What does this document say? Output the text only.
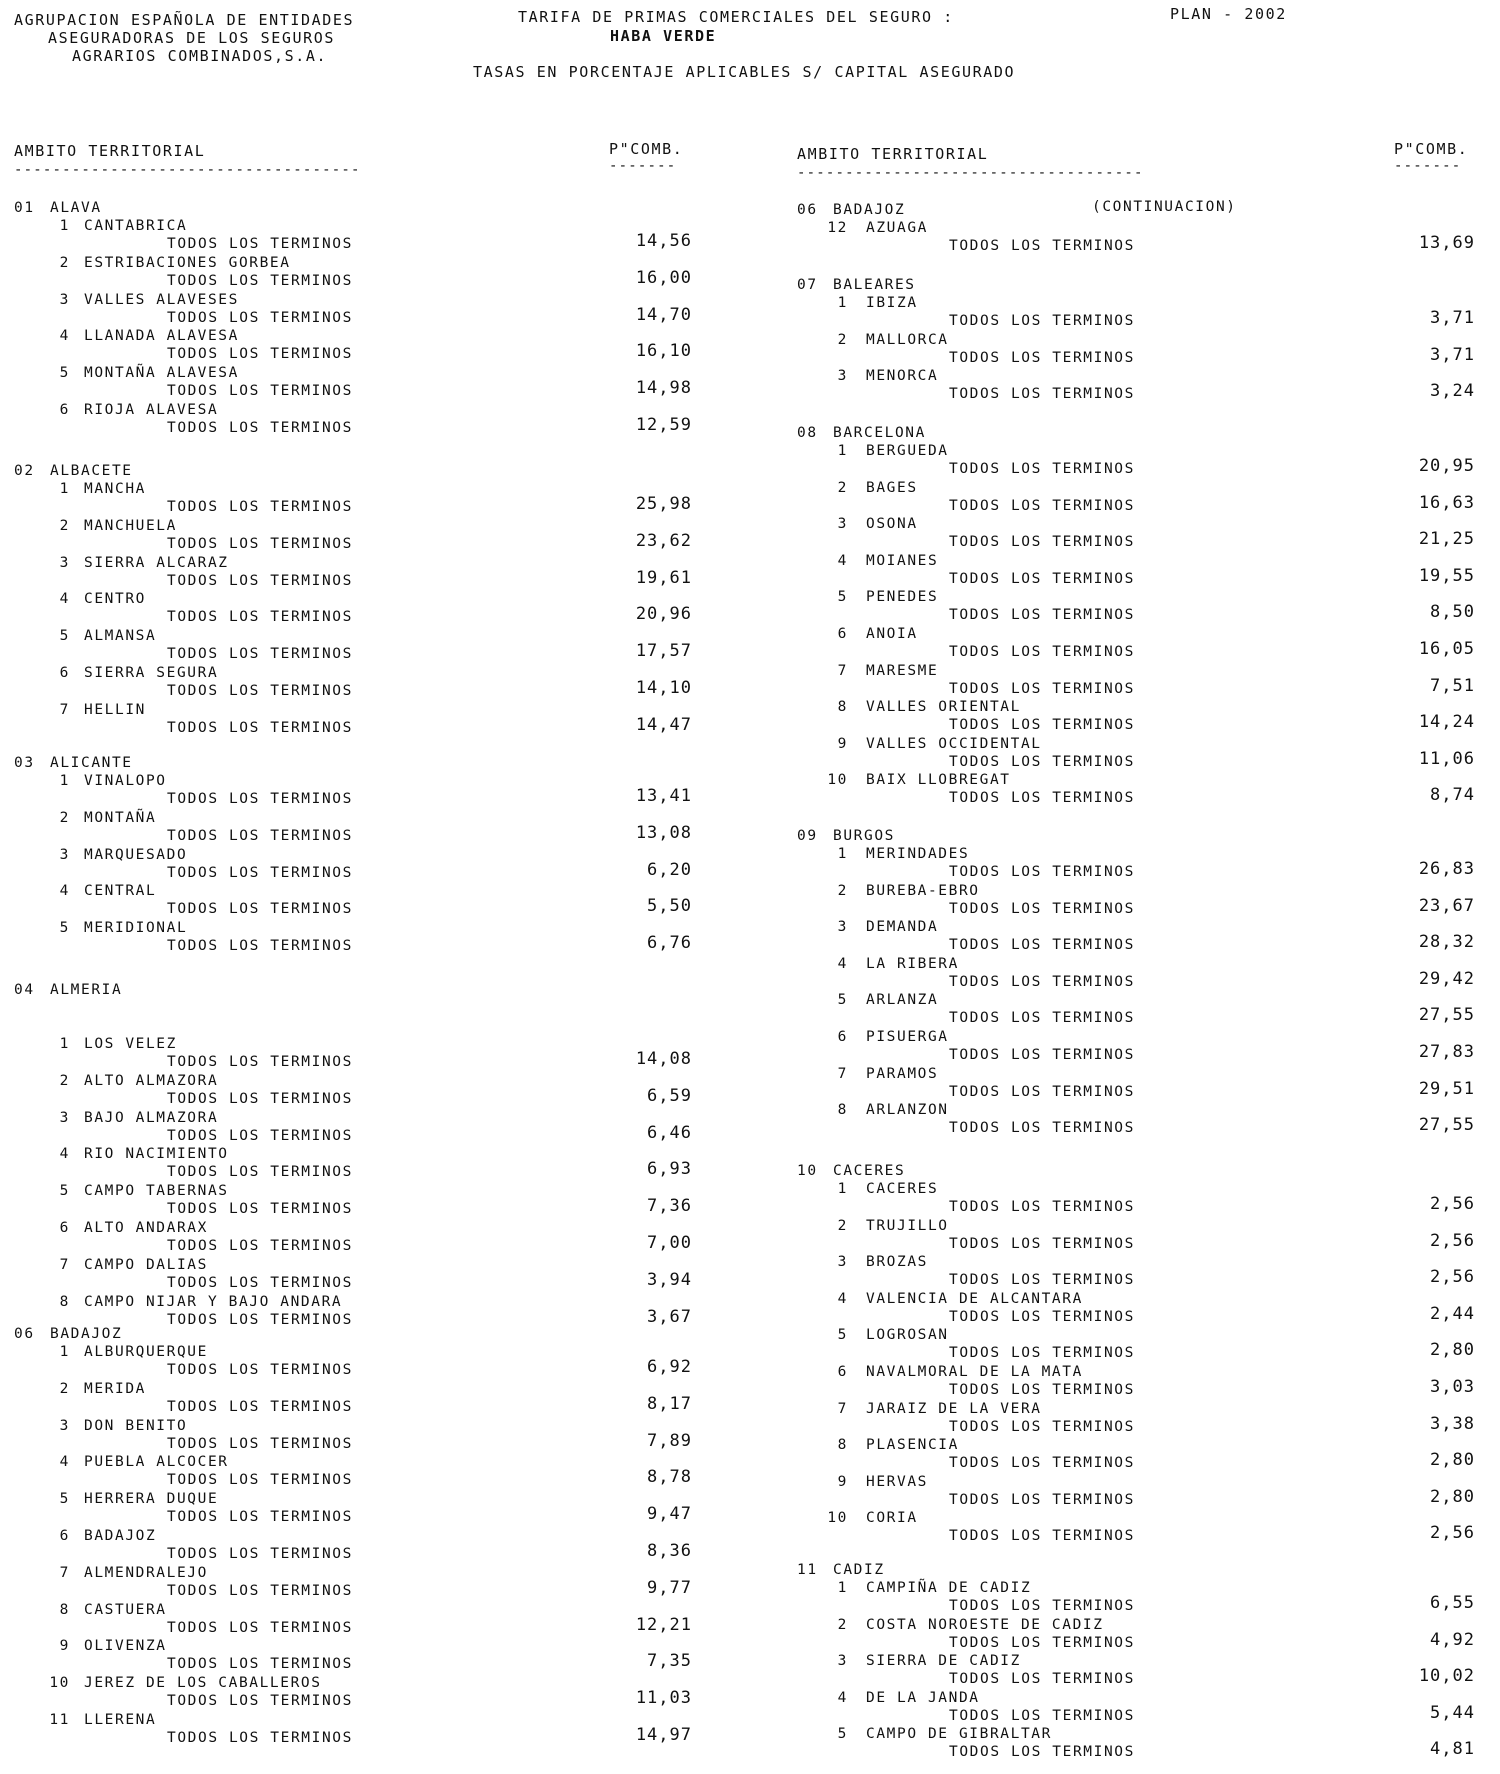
AGRUPACION ESPAÑOLA DE ENTIDADES
ASEGURADORAS DE LOS SEGUROS
AGRARIOS COMBINADOS,S.A.
TARIFA DE PRIMAS COMERCIALES DEL SEGURO :
HABA VERDE
TASAS EN PORCENTAJE APLICABLES S/ CAPITAL ASEGURADO
PLAN - 2002
AMBITO TERRITORIAL
------------------------------------
P"COMB.
-------
AMBITO TERRITORIAL
------------------------------------
P"COMB.
-------
(CONTINUACION)
01 ALAVA
1 CANTABRICA
TODOS LOS TERMINOS	14,56
2 ESTRIBACIONES GORBEA
TODOS LOS TERMINOS	16,00
3 VALLES ALAVESES
TODOS LOS TERMINOS	14,70
4 LLANADA ALAVESA
TODOS LOS TERMINOS	16,10
5 MONTAÑA ALAVESA
TODOS LOS TERMINOS	14,98
6 RIOJA ALAVESA
TODOS LOS TERMINOS	12,59
02 ALBACETE
1 MANCHA
TODOS LOS TERMINOS	25,98
2 MANCHUELA
TODOS LOS TERMINOS	23,62
3 SIERRA ALCARAZ
TODOS LOS TERMINOS	19,61
4 CENTRO
TODOS LOS TERMINOS	20,96
5 ALMANSA
TODOS LOS TERMINOS	17,57
6 SIERRA SEGURA
TODOS LOS TERMINOS	14,10
7 HELLIN
TODOS LOS TERMINOS	14,47
03 ALICANTE
1 VINALOPO
TODOS LOS TERMINOS	13,41
2 MONTAÑA
TODOS LOS TERMINOS	13,08
3 MARQUESADO
TODOS LOS TERMINOS	6,20
4 CENTRAL
TODOS LOS TERMINOS	5,50
5 MERIDIONAL
TODOS LOS TERMINOS	6,76
04 ALMERIA
1 LOS VELEZ
TODOS LOS TERMINOS	14,08
2 ALTO ALMAZORA
TODOS LOS TERMINOS	6,59
3 BAJO ALMAZORA
TODOS LOS TERMINOS	6,46
4 RIO NACIMIENTO
TODOS LOS TERMINOS	6,93
5 CAMPO TABERNAS
TODOS LOS TERMINOS	7,36
6 ALTO ANDARAX
TODOS LOS TERMINOS	7,00
7 CAMPO DALIAS
TODOS LOS TERMINOS	3,94
8 CAMPO NIJAR Y BAJO ANDARA
TODOS LOS TERMINOS	3,67
06 BADAJOZ
1 ALBURQUERQUE
TODOS LOS TERMINOS	6,92
2 MERIDA
TODOS LOS TERMINOS	8,17
3 DON BENITO
TODOS LOS TERMINOS	7,89
4 PUEBLA ALCOCER
TODOS LOS TERMINOS	8,78
5 HERRERA DUQUE
TODOS LOS TERMINOS	9,47
6 BADAJOZ
TODOS LOS TERMINOS	8,36
7 ALMENDRALEJO
TODOS LOS TERMINOS	9,77
8 CASTUERA
TODOS LOS TERMINOS	12,21
9 OLIVENZA
TODOS LOS TERMINOS	7,35
10 JEREZ DE LOS CABALLEROS
TODOS LOS TERMINOS	11,03
11 LLERENA
TODOS LOS TERMINOS	14,97
06 BADAJOZ
12 AZUAGA
TODOS LOS TERMINOS	13,69
07 BALEARES
1 IBIZA
TODOS LOS TERMINOS	3,71
2 MALLORCA
TODOS LOS TERMINOS	3,71
3 MENORCA
TODOS LOS TERMINOS	3,24
08 BARCELONA
1 BERGUEDA
TODOS LOS TERMINOS	20,95
2 BAGES
TODOS LOS TERMINOS	16,63
3 OSONA
TODOS LOS TERMINOS	21,25
4 MOIANES
TODOS LOS TERMINOS	19,55
5 PENEDES
TODOS LOS TERMINOS	8,50
6 ANOIA
TODOS LOS TERMINOS	16,05
7 MARESME
TODOS LOS TERMINOS	7,51
8 VALLES ORIENTAL
TODOS LOS TERMINOS	14,24
9 VALLES OCCIDENTAL
TODOS LOS TERMINOS	11,06
10 BAIX LLOBREGAT
TODOS LOS TERMINOS	8,74
09 BURGOS
1 MERINDADES
TODOS LOS TERMINOS	26,83
2 BUREBA-EBRO
TODOS LOS TERMINOS	23,67
3 DEMANDA
TODOS LOS TERMINOS	28,32
4 LA RIBERA
TODOS LOS TERMINOS	29,42
5 ARLANZA
TODOS LOS TERMINOS	27,55
6 PISUERGA
TODOS LOS TERMINOS	27,83
7 PARAMOS
TODOS LOS TERMINOS	29,51
8 ARLANZON
TODOS LOS TERMINOS	27,55
10 CACERES
1 CACERES
TODOS LOS TERMINOS	2,56
2 TRUJILLO
TODOS LOS TERMINOS	2,56
3 BROZAS
TODOS LOS TERMINOS	2,56
4 VALENCIA DE ALCANTARA
TODOS LOS TERMINOS	2,44
5 LOGROSAN
TODOS LOS TERMINOS	2,80
6 NAVALMORAL DE LA MATA
TODOS LOS TERMINOS	3,03
7 JARAIZ DE LA VERA
TODOS LOS TERMINOS	3,38
8 PLASENCIA
TODOS LOS TERMINOS	2,80
9 HERVAS
TODOS LOS TERMINOS	2,80
10 CORIA
TODOS LOS TERMINOS	2,56
11 CADIZ
1 CAMPIÑA DE CADIZ
TODOS LOS TERMINOS	6,55
2 COSTA NOROESTE DE CADIZ
TODOS LOS TERMINOS	4,92
3 SIERRA DE CADIZ
TODOS LOS TERMINOS	10,02
4 DE LA JANDA
TODOS LOS TERMINOS	5,44
5 CAMPO DE GIBRALTAR
TODOS LOS TERMINOS	4,81
